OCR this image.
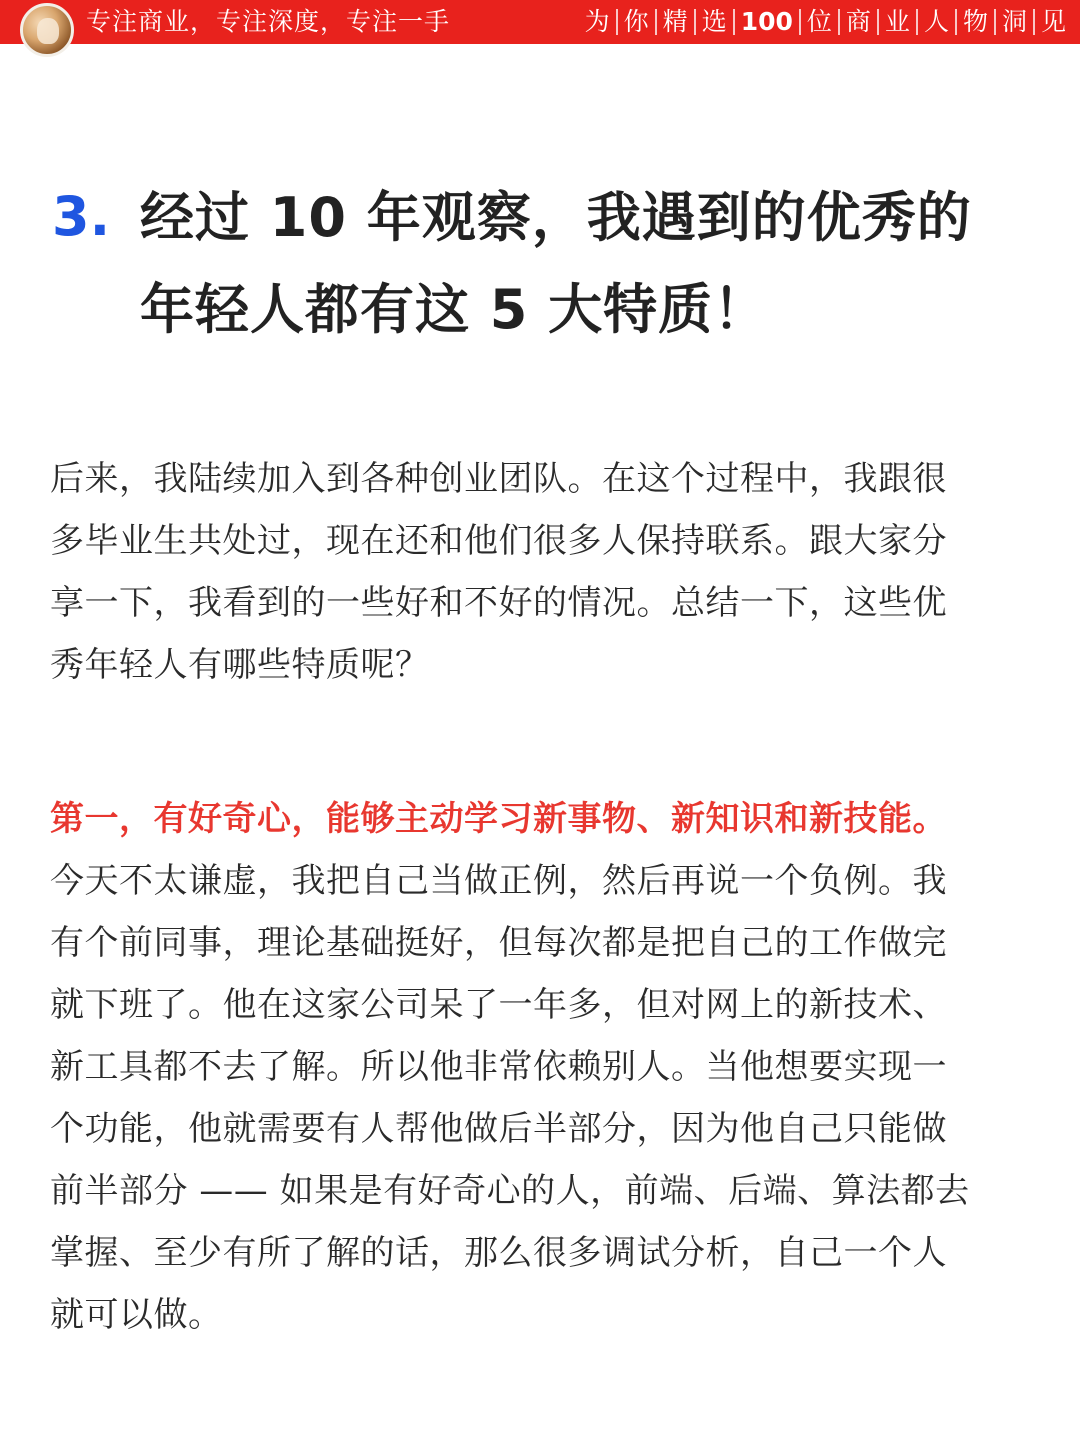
专注商业，专注深度，专注一手	为 你 精 选 100 位 商 业 人 物 洞 见
3. 经过 10 年观察，我遇到的优秀的
年轻人都有这 5 大特质！
后来，我陆续加入到各种创业团队。在这个过程中，我跟很
多毕业生共处过，现在还和他们很多人保持联系。跟大家分
享一下，我看到的一些好和不好的情况。总结一下，这些优
秀年轻人有哪些特质呢？
第一，有好奇心，能够主动学习新事物、新知识和新技能。
今天不太谦虚，我把自己当做正例，然后再说一个负例。我
有个前同事，理论基础挺好，但每次都是把自己的工作做完
就下班了。他在这家公司呆了一年多，但对网上的新技术、
新工具都不去了解。所以他非常依赖别人。当他想要实现一
个功能，他就需要有人帮他做后半部分，因为他自己只能做
前半部分 —— 如果是有好奇心的人，前端、后端、算法都去
掌握、至少有所了解的话，那么很多调试分析，自己一个人
就可以做。
